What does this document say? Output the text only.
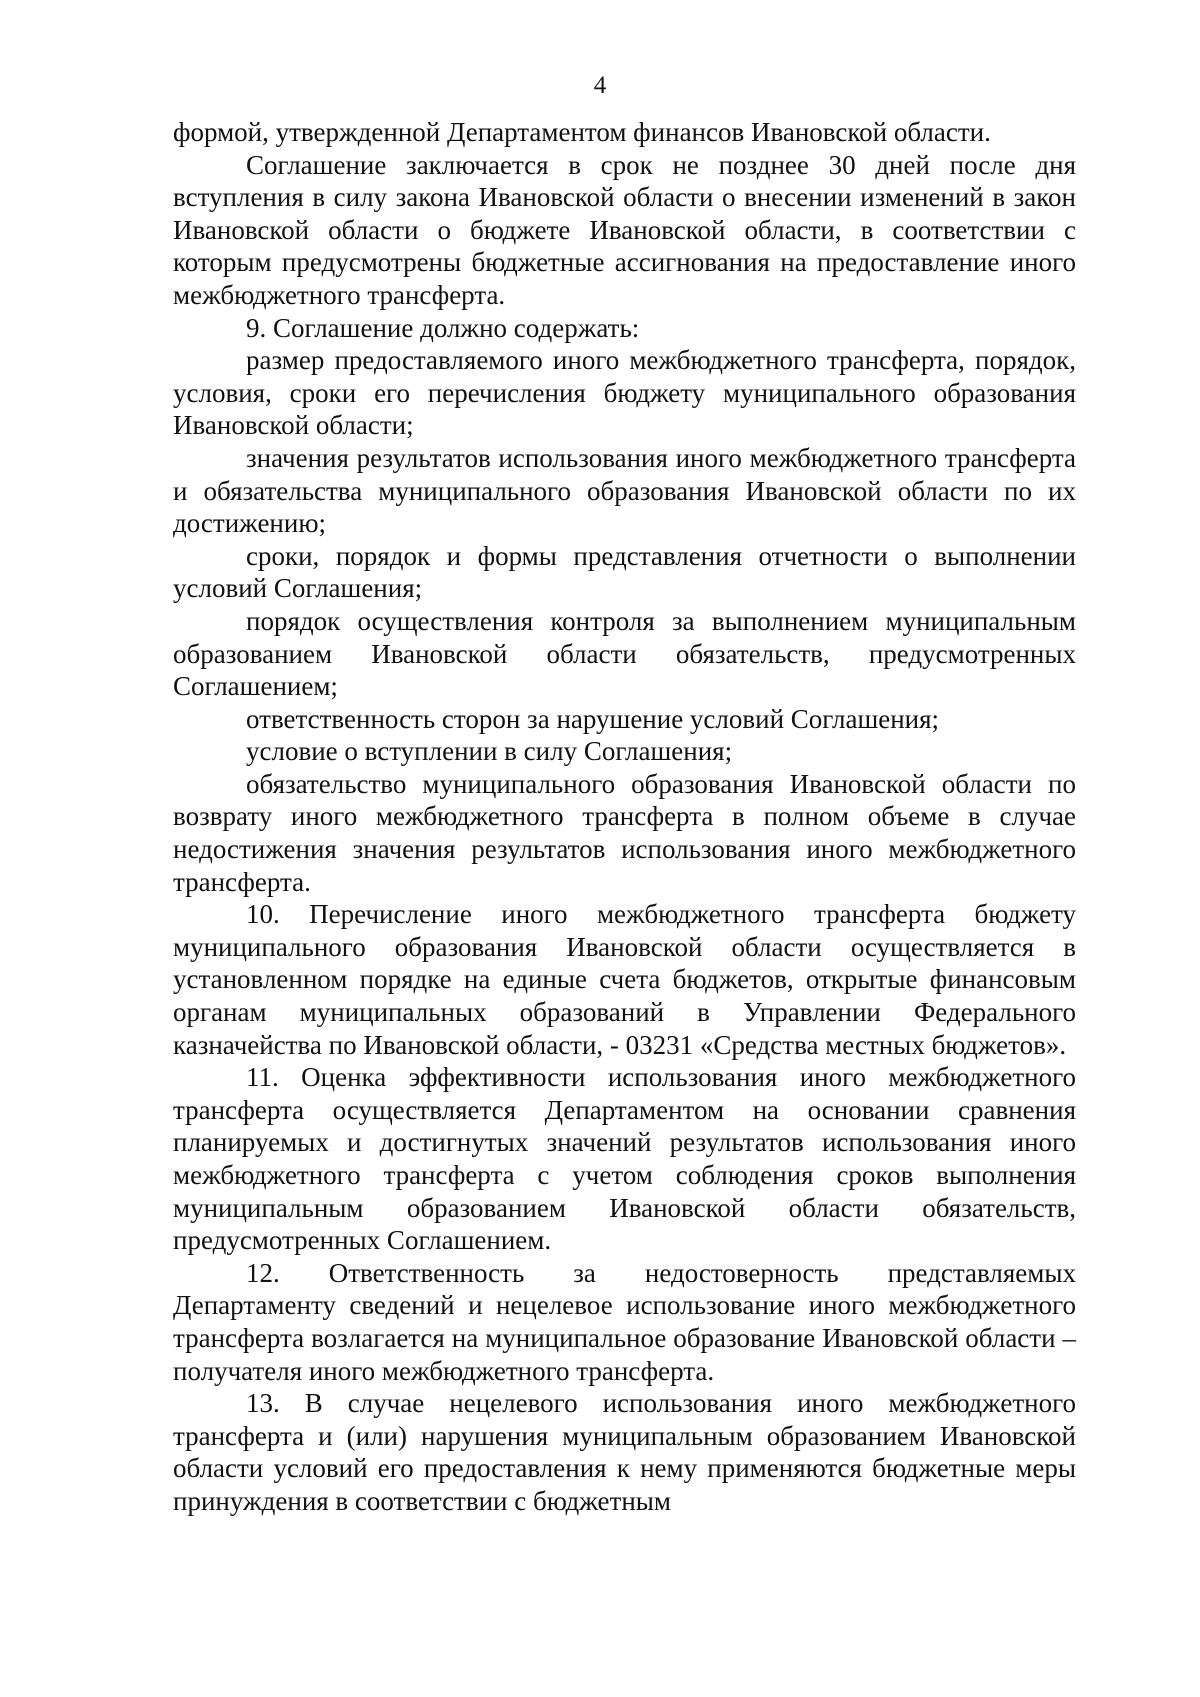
4

формой, утвержденной Департаментом финансов Ивановской области.

Соглашение заключается в срок не позднее 30 дней после дня вступления в силу закона Ивановской области о внесении изменений в закон Ивановской области о бюджете Ивановской области, в соответствии с которым предусмотрены бюджетные ассигнования на предоставление иного межбюджетного трансферта.

9. Соглашение должно содержать:

размер предоставляемого иного межбюджетного трансферта, порядок, условия, сроки его перечисления бюджету муниципального образования Ивановской области;

значения результатов использования иного межбюджетного трансферта и обязательства муниципального образования Ивановской области по их достижению;

сроки, порядок и формы представления отчетности о выполнении условий Соглашения;

порядок осуществления контроля за выполнением муниципальным образованием Ивановской области обязательств, предусмотренных Соглашением;

ответственность сторон за нарушение условий Соглашения;

условие о вступлении в силу Соглашения;

обязательство муниципального образования Ивановской области по возврату иного межбюджетного трансферта в полном объеме в случае недостижения значения результатов использования иного межбюджетного трансферта.

10. Перечисление иного межбюджетного трансферта бюджету муниципального образования Ивановской области осуществляется в установленном порядке на единые счета бюджетов, открытые финансовым органам муниципальных образований в Управлении Федерального казначейства по Ивановской области, - 03231 «Средства местных бюджетов».

11. Оценка эффективности использования иного межбюджетного трансферта осуществляется Департаментом на основании сравнения планируемых и достигнутых значений результатов использования иного межбюджетного трансферта с учетом соблюдения сроков выполнения муниципальным образованием Ивановской области обязательств, предусмотренных Соглашением.

12. Ответственность за недостоверность представляемых Департаменту сведений и нецелевое использование иного межбюджетного трансферта возлагается на муниципальное образование Ивановской области – получателя иного межбюджетного трансферта.

13. В случае нецелевого использования иного межбюджетного трансферта и (или) нарушения муниципальным образованием Ивановской области условий его предоставления к нему применяются бюджетные меры принуждения в соответствии с бюджетным
